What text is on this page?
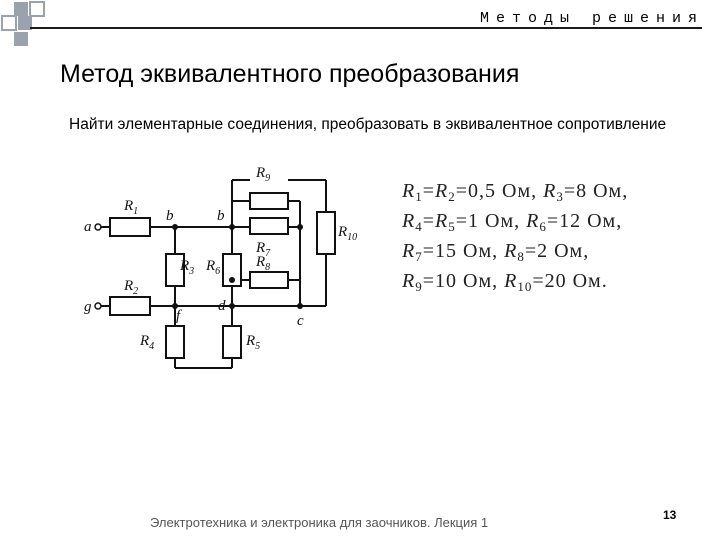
Методы решения
Метод эквивалентного преобразования

Найти элементарные соединения, преобразовать в эквивалентное сопротивление

$R_1$
$R_2$
$R_3$ $R_6$
$R_4$	$R_5$
$R_7$
$R_8$
$R_9$
$R_{10}$
a
b	b
g
f
d
c
$R_1=R_2=0,5$ Ом, $R_3=8$ Ом,
$R_4=R_5=1$ Ом, $R_6=12$ Ом,
$R_7=15$ Ом, $R_8=2$ Ом,
$R_9=10$ Ом, $R_{10}=20$ Ом.
Электротехника и электроника для заочников. Лекция 1	13
